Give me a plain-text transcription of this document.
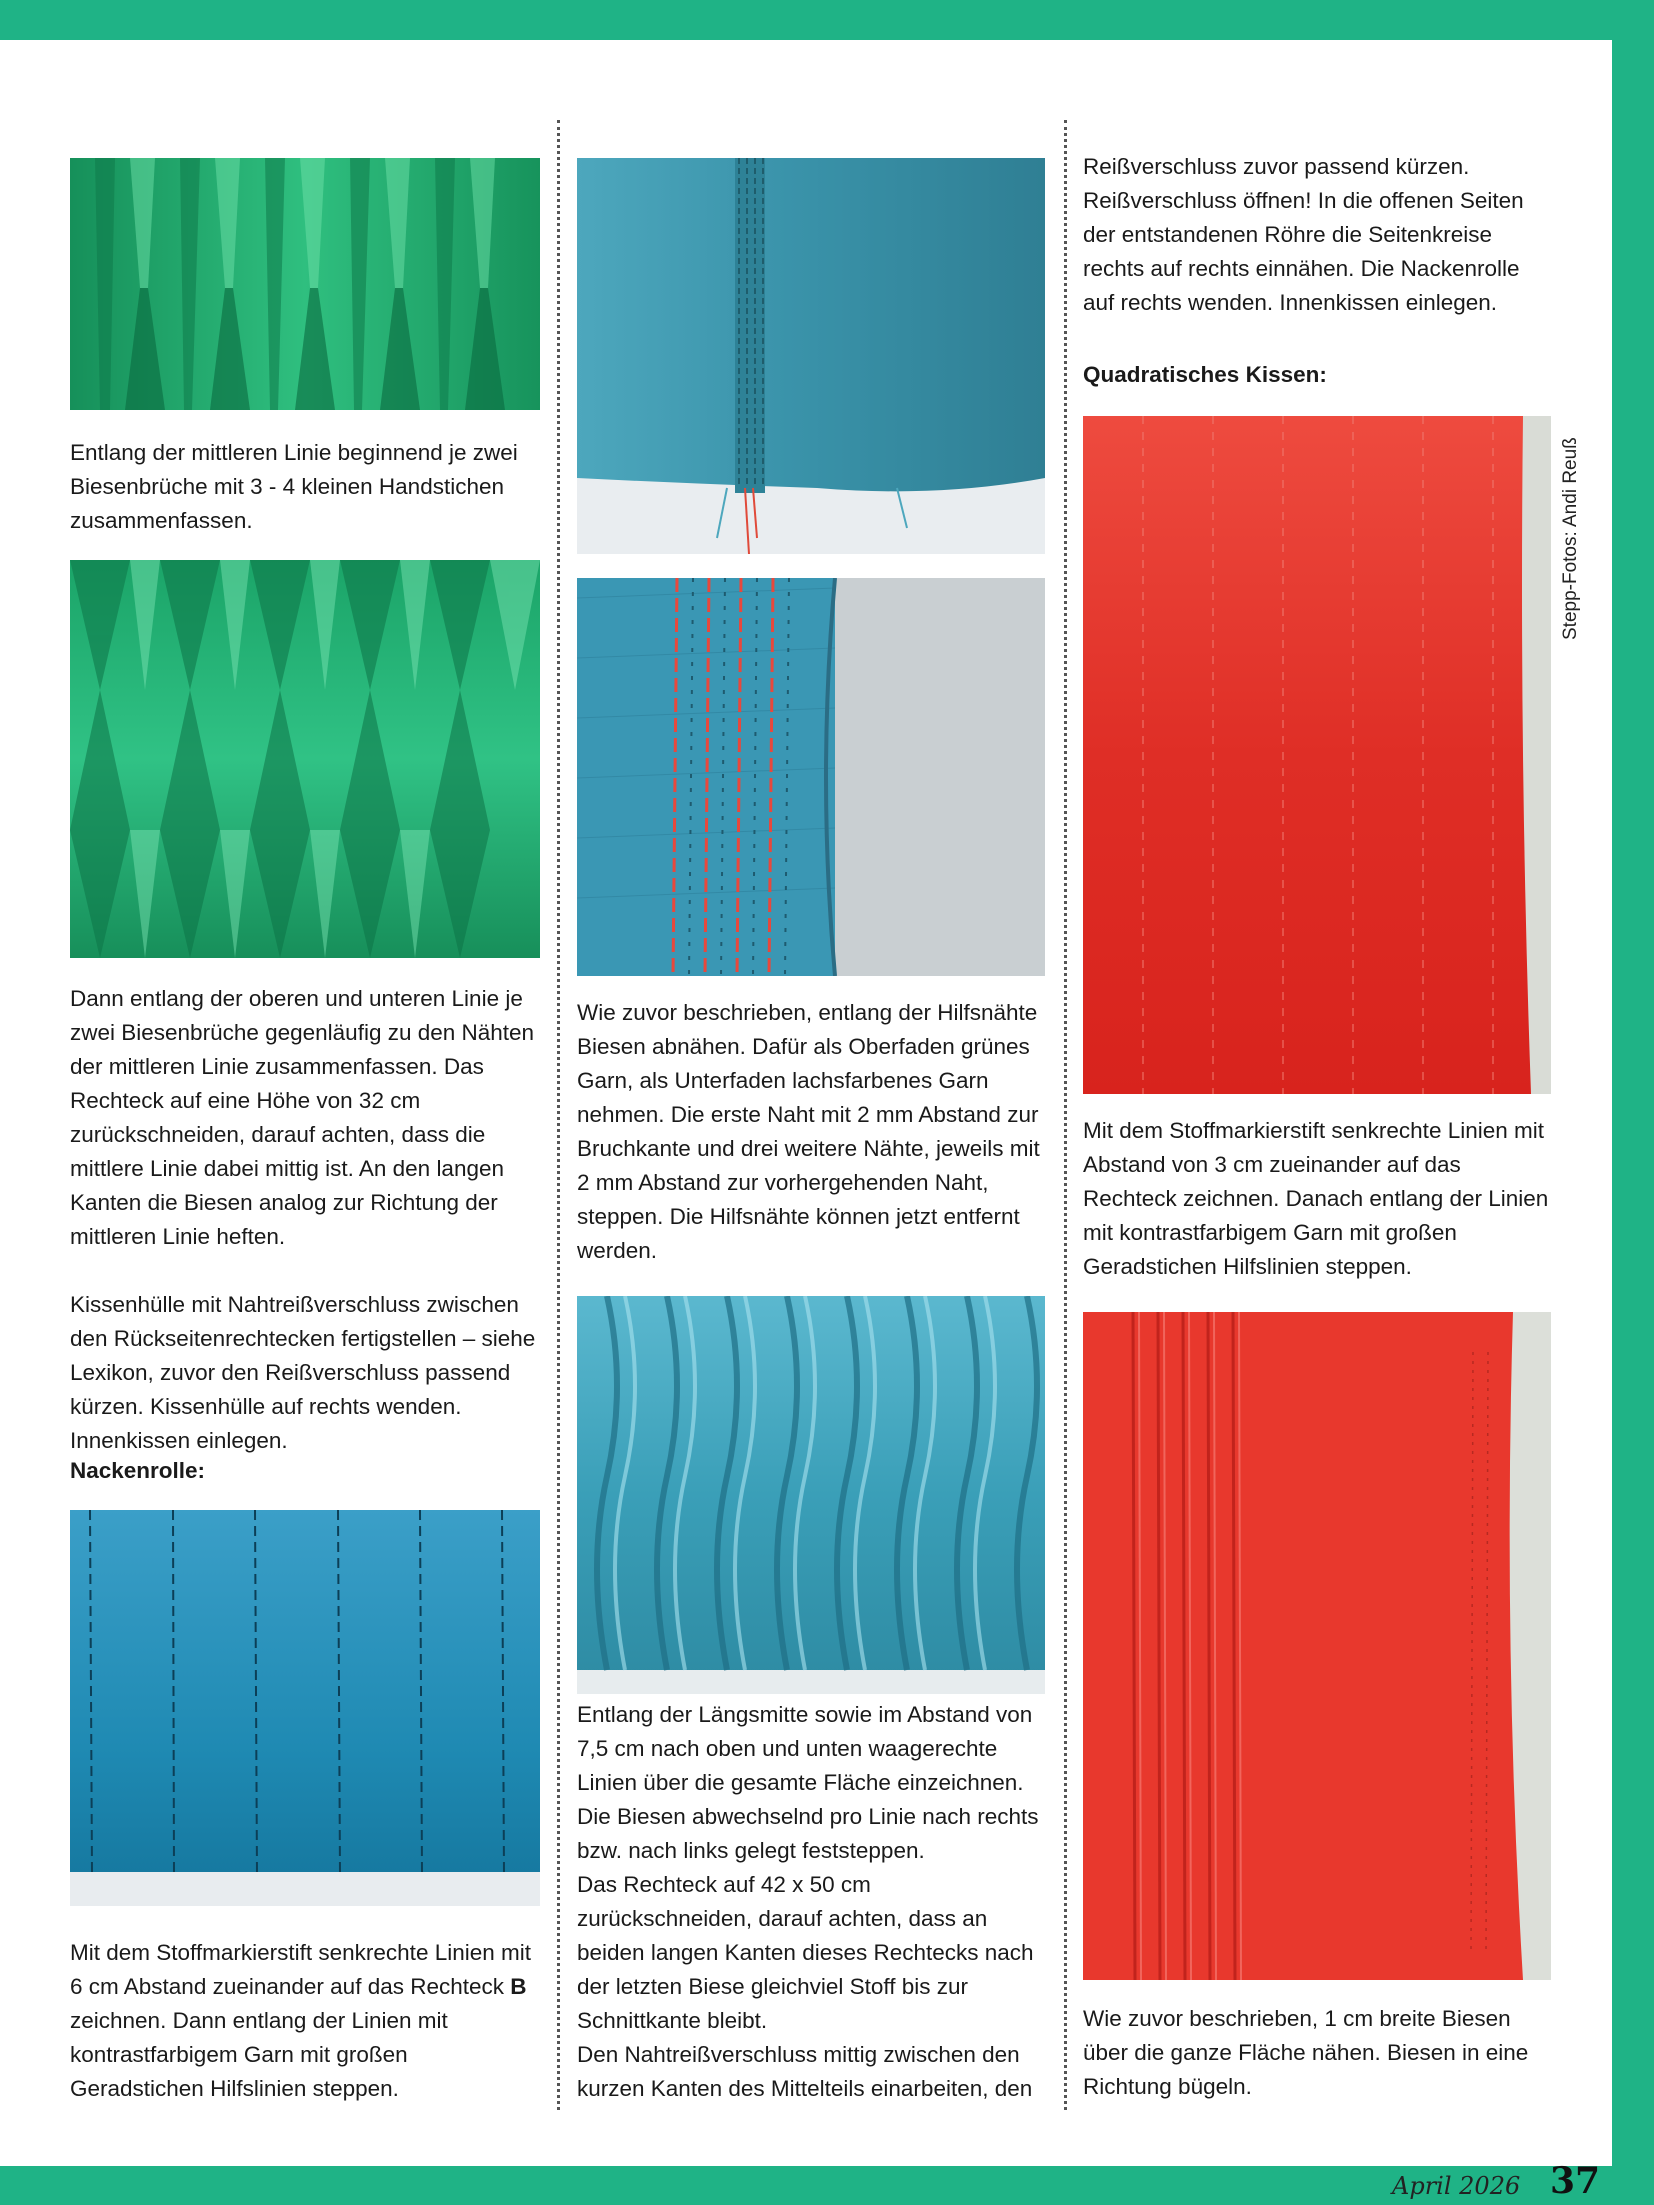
Entlang der mittleren Linie beginnend je zwei Biesenbrüche mit 3 - 4 kleinen Handstichen zusammenfassen.

Dann entlang der oberen und unteren Linie je zwei Biesenbrüche gegenläufig zu den Nähten der mittleren Linie zusammenfassen. Das Rechteck auf eine Höhe von 32 cm zurückschneiden, darauf achten, dass die mittlere Linie dabei mittig ist. An den langen Kanten die Biesen analog zur Richtung der mittleren Linie heften.

Kissenhülle mit Nahtreißverschluss zwischen den Rückseitenrechtecken fertigstellen – siehe Lexikon, zuvor den Reißverschluss passend kürzen. Kissenhülle auf rechts wenden. Innenkissen einlegen.

Nackenrolle:

Mit dem Stoffmarkierstift senkrechte Linien mit 6 cm Abstand zueinander auf das Rechteck B zeichnen. Dann entlang der Linien mit kontrastfarbigem Garn mit großen Geradstichen Hilfslinien steppen.

Wie zuvor beschrieben, entlang der Hilfsnähte Biesen abnähen. Dafür als Oberfaden grünes Garn, als Unterfaden lachsfarbenes Garn nehmen. Die erste Naht mit 2 mm Abstand zur Bruchkante und drei weitere Nähte, jeweils mit 2 mm Abstand zur vorhergehenden Naht, steppen. Die Hilfsnähte können jetzt entfernt werden.

Entlang der Längsmitte sowie im Abstand von 7,5 cm nach oben und unten waagerechte Linien über die gesamte Fläche einzeichnen. Die Biesen abwechselnd pro Linie nach rechts bzw. nach links gelegt feststeppen.

Das Rechteck auf 42 x 50 cm zurückschneiden, darauf achten, dass an beiden langen Kanten dieses Rechtecks nach der letzten Biese gleichviel Stoff bis zur Schnittkante bleibt.

Den Nahtreißverschluss mittig zwischen den kurzen Kanten des Mittelteils einarbeiten, den

Reißverschluss zuvor passend kürzen. Reißverschluss öffnen! In die offenen Seiten der entstandenen Röhre die Seitenkreise rechts auf rechts einnähen. Die Nackenrolle auf rechts wenden. Innenkissen einlegen.

Quadratisches Kissen:

Mit dem Stoffmarkierstift senkrechte Linien mit Abstand von 3 cm zueinander auf das Rechteck zeichnen. Danach entlang der Linien mit kontrastfarbigem Garn mit großen Geradstichen Hilfslinien steppen.

Wie zuvor beschrieben, 1 cm breite Biesen über die ganze Fläche nähen. Biesen in eine Richtung bügeln.

Stepp-Fotos: Andi Reuß
April 2026 37
